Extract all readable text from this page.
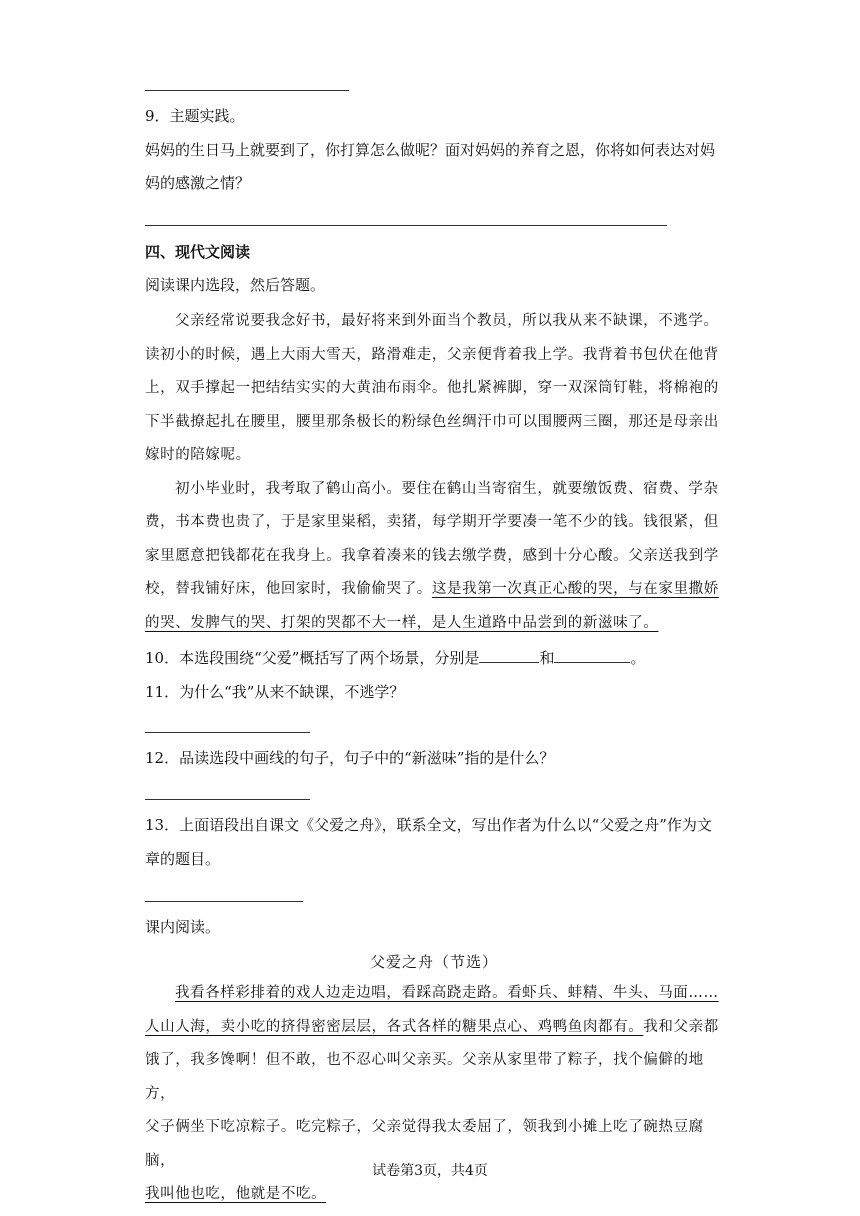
9．主题实践。
妈妈的生日马上就要到了，你打算怎么做呢？面对妈妈的养育之恩，你将如何表达对妈
妈的感激之情？
四、现代文阅读
阅读课内选段，然后答题。
父亲经常说要我念好书，最好将来到外面当个教员，所以我从来不缺课，不逃学。
读初小的时候，遇上大雨大雪天，路滑难走，父亲便背着我上学。我背着书包伏在他背
上，双手撑起一把结结实实的大黄油布雨伞。他扎紧裤脚，穿一双深筒钉鞋，将棉袍的
下半截撩起扎在腰里，腰里那条极长的粉绿色丝绸汗巾可以围腰两三圈，那还是母亲出
嫁时的陪嫁呢。
初小毕业时，我考取了鹤山高小。要住在鹤山当寄宿生，就要缴饭费、宿费、学杂
费，书本费也贵了，于是家里粜稻，卖猪，每学期开学要凑一笔不少的钱。钱很紧，但
家里愿意把钱都花在我身上。我拿着凑来的钱去缴学费，感到十分心酸。父亲送我到学
校，替我铺好床，他回家时，我偷偷哭了。这是我第一次真正心酸的哭，与在家里撒娇
的哭、发脾气的哭、打架的哭都不大一样，是人生道路中品尝到的新滋味了。
10．本选段围绕“父爱”概括写了两个场景，分别是	和	。
11．为什么“我”从来不缺课，不逃学？
12．品读选段中画线的句子，句子中的“新滋味”指的是什么？
13．上面语段出自课文《父爱之舟》，联系全文，写出作者为什么以“父爱之舟”作为文
章的题目。
课内阅读。
父爱之舟（节选）
我看各样彩排着的戏人边走边唱，看踩高跷走路。看虾兵、蚌精、牛头、马面……
人山人海，卖小吃的挤得密密层层，各式各样的糖果点心、鸡鸭鱼肉都有。我和父亲都
饿了，我多馋啊！但不敢，也不忍心叫父亲买。父亲从家里带了粽子，找个偏僻的地方，
父子俩坐下吃凉粽子。吃完粽子，父亲觉得我太委屈了，领我到小摊上吃了碗热豆腐脑，
我叫他也吃，他就是不吃。
试卷第3页，共4页
